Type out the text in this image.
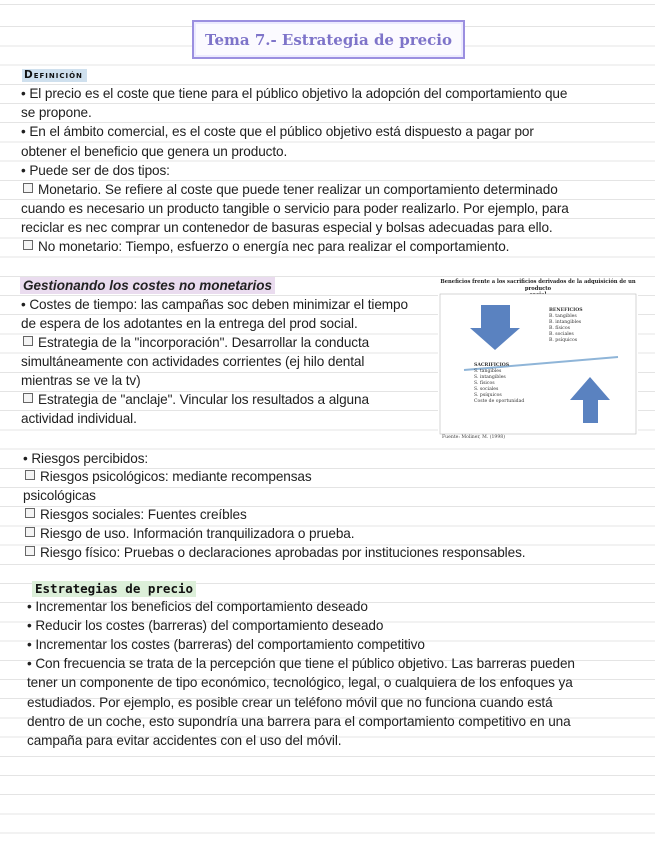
Tema 7.- Estrategia de precio
Definición
• El precio es el coste que tiene para el público objetivo la adopción del comportamiento que
se propone.
• En el ámbito comercial, es el coste que el público objetivo está dispuesto a pagar por
obtener el beneficio que genera un producto.
• Puede ser de dos tipos:
Monetario. Se refiere al coste que puede tener realizar un comportamiento determinado
cuando es necesario un producto tangible o servicio para poder realizarlo. Por ejemplo, para
reciclar es nec comprar un contenedor de basuras especial y bolsas adecuadas para ello.
No monetario: Tiempo, esfuerzo o energía nec para realizar el comportamiento.
Gestionando los costes no monetarios
• Costes de tiempo: las campañas soc deben minimizar el tiempo
de espera de los adotantes en la entrega del prod social.
Estrategia de la "incorporación". Desarrollar la conducta
simultáneamente con actividades corrientes (ej hilo dental
mientras se ve la tv)
Estrategia de "anclaje". Vincular los resultados a alguna
actividad individual.
Beneficios frente a los sacrificios derivados de la adquisición de un producto
BENEFICIOS
B. tangibles
B. intangibles
B. físicos
B. sociales
B. psíquicos
SACRIFICIOS
S. tangibles
S. intangibles
S. físicos
S. sociales
S. psíquicos
Coste de oportunidad
Fuente: Moliner, M. (1998)
• Riesgos percibidos:
Riesgos psicológicos: mediante recompensas
psicológicas
Riesgos sociales: Fuentes creíbles
Riesgo de uso. Información tranquilizadora o prueba.
Riesgo físico: Pruebas o declaraciones aprobadas por instituciones responsables.
Estrategias de precio
• Incrementar los beneficios del comportamiento deseado
• Reducir los costes (barreras) del comportamiento deseado
• Incrementar los costes (barreras) del comportamiento competitivo
• Con frecuencia se trata de la percepción que tiene el público objetivo. Las barreras pueden
tener un componente de tipo económico, tecnológico, legal, o cualquiera de los enfoques ya
estudiados. Por ejemplo, es posible crear un teléfono móvil que no funciona cuando está
dentro de un coche, esto supondría una barrera para el comportamiento competitivo en una
campaña para evitar accidentes con el uso del móvil.
